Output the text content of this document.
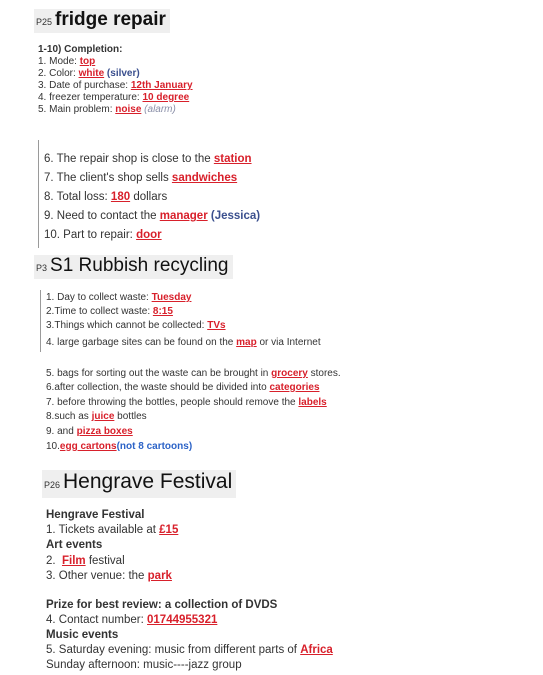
P25 fridge repair
1-10) Completion:
1. Mode: top
2. Color: white (silver)
3. Date of purchase: 12th January
4. freezer temperature: 10 degree
5. Main problem: noise (alarm)
6. The repair shop is close to the station
7. The client's shop sells sandwiches
8. Total loss: 180 dollars
9. Need to contact the manager (Jessica)
10. Part to repair: door
P3 S1 Rubbish recycling
1. Day to collect waste: Tuesday
2.Time to collect waste: 8:15
3.Things which cannot be collected: TVs
4. large garbage sites can be found on the map or via Internet
5. bags for sorting out the waste can be brought in grocery stores.
6.after collection, the waste should be divided into categories
7. before throwing the bottles, people should remove the labels
8.such as juice bottles
9. and pizza boxes
10.egg cartons(not 8 cartoons)
P26 Hengrave Festival
Hengrave Festival
1. Tickets available at £15
Art events
2. Film festival
3. Other venue: the park
Prize for best review: a collection of DVDS
4. Contact number: 01744955321
Music events
5. Saturday evening: music from different parts of Africa
Sunday afternoon: music----jazz group
